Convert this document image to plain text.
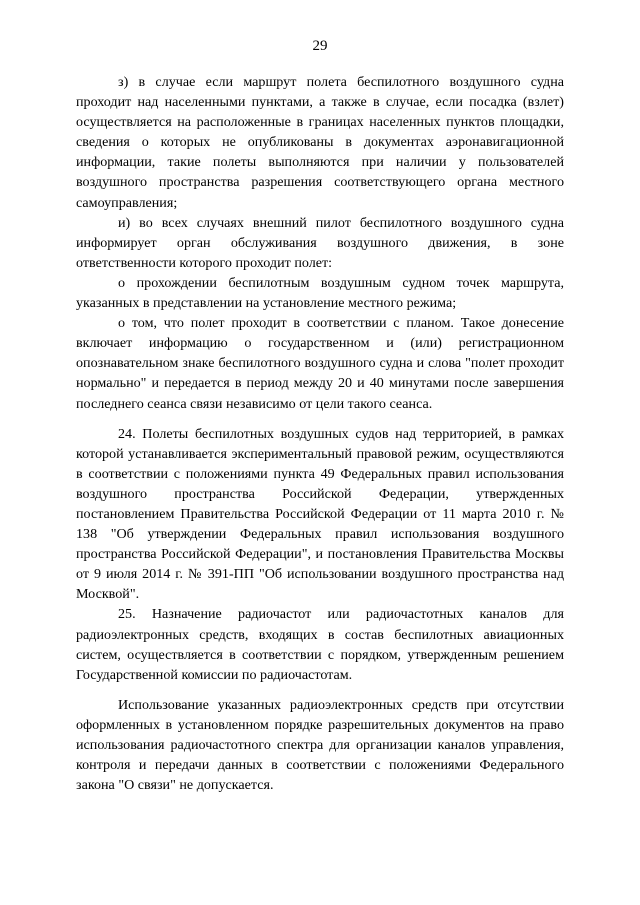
29

з) в случае если маршрут полета беспилотного воздушного судна проходит над населенными пунктами, а также в случае, если посадка (взлет) осуществляется на расположенные в границах населенных пунктов площадки, сведения о которых не опубликованы в документах аэронавигационной информации, такие полеты выполняются при наличии у пользователей воздушного пространства разрешения соответствующего органа местного самоуправления;

и) во всех случаях внешний пилот беспилотного воздушного судна информирует орган обслуживания воздушного движения, в зоне ответственности которого проходит полет:

о прохождении беспилотным воздушным судном точек маршрута, указанных в представлении на установление местного режима;

о том, что полет проходит в соответствии с планом. Такое донесение включает информацию о государственном и (или) регистрационном опознавательном знаке беспилотного воздушного судна и слова "полет проходит нормально" и передается в период между 20 и 40 минутами после завершения последнего сеанса связи независимо от цели такого сеанса.

24. Полеты беспилотных воздушных судов над территорией, в рамках которой устанавливается экспериментальный правовой режим, осуществляются в соответствии с положениями пункта 49 Федеральных правил использования воздушного пространства Российской Федерации, утвержденных постановлением Правительства Российской Федерации от 11 марта 2010 г. № 138 "Об утверждении Федеральных правил использования воздушного пространства Российской Федерации", и постановления Правительства Москвы от 9 июля 2014 г. № 391-ПП "Об использовании воздушного пространства над Москвой".

25. Назначение радиочастот или радиочастотных каналов для радиоэлектронных средств, входящих в состав беспилотных авиационных систем, осуществляется в соответствии с порядком, утвержденным решением Государственной комиссии по радиочастотам.

Использование указанных радиоэлектронных средств при отсутствии оформленных в установленном порядке разрешительных документов на право использования радиочастотного спектра для организации каналов управления, контроля и передачи данных в соответствии с положениями Федерального закона "О связи" не допускается.
